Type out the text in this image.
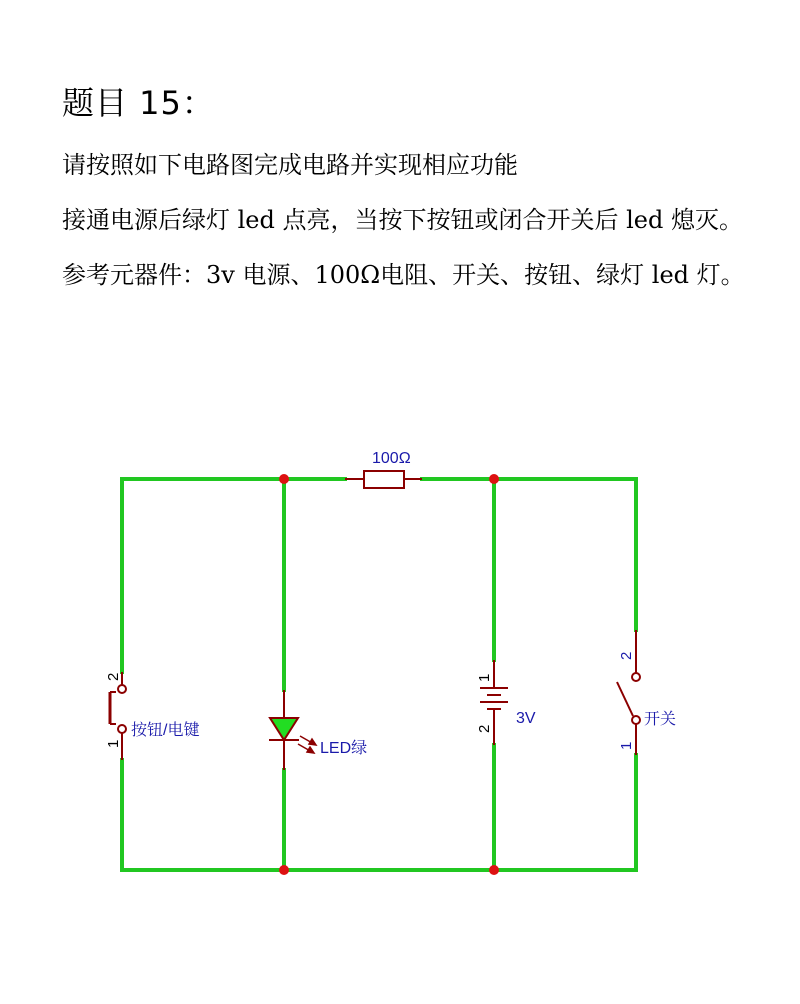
题目 15：

请按照如下电路图完成电路并实现相应功能

接通电源后绿灯 led 点亮，当按下按钮或闭合开关后 led 熄灭。

参考元器件：3v 电源、100Ω电阻、开关、按钮、绿灯 led 灯。

100Ω
2
1
按钮/电键
LED绿
1
2
3V
2
1
开关
